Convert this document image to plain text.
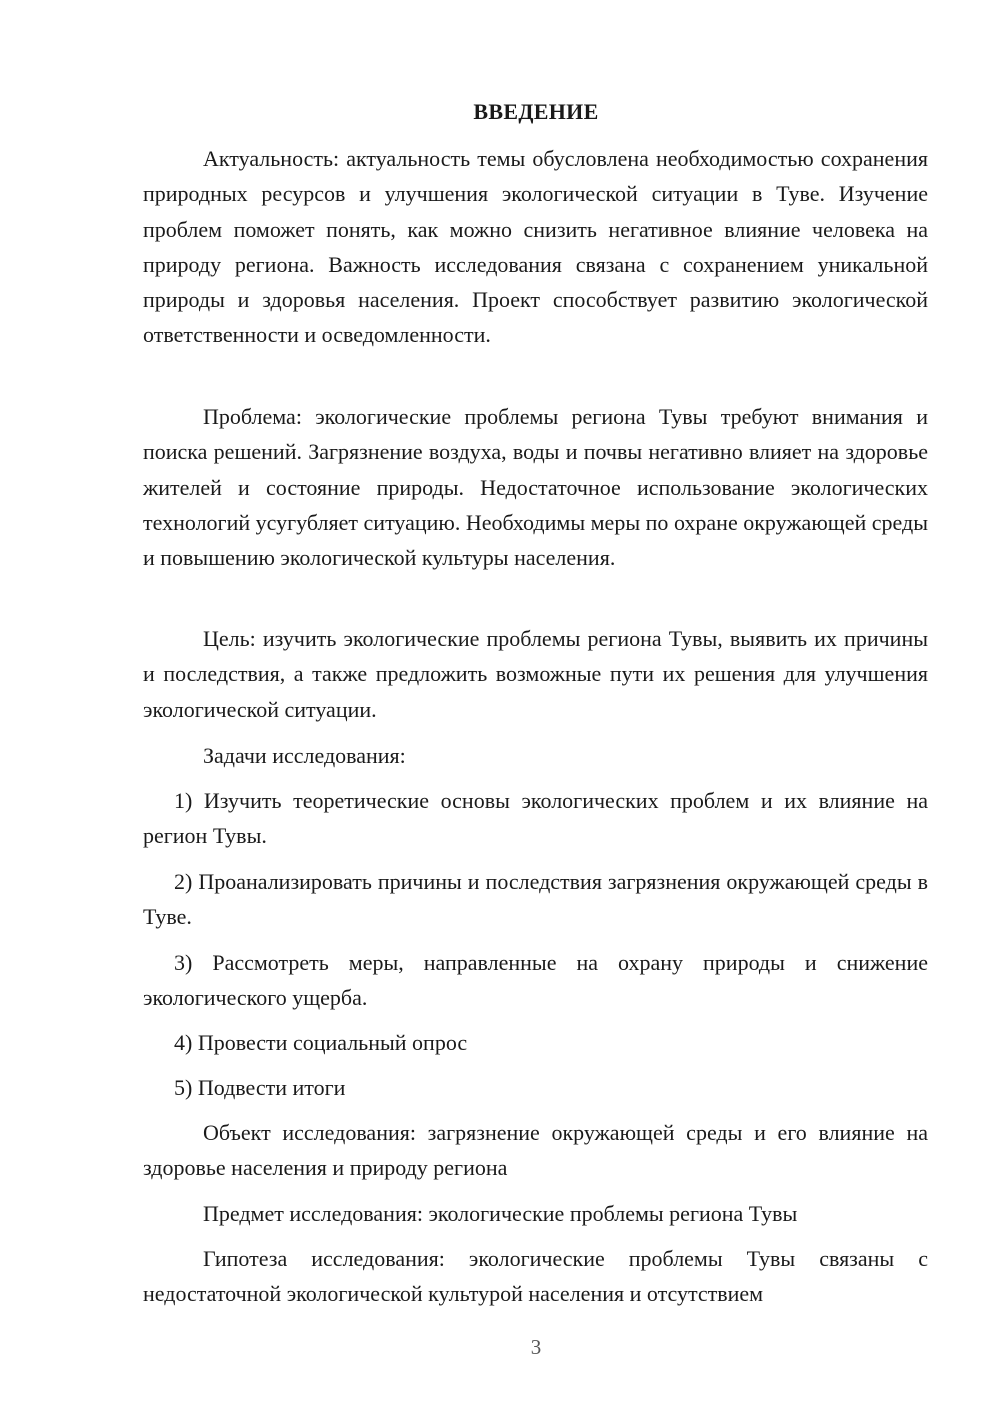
ВВЕДЕНИЕ

Актуальность: актуальность темы обусловлена необходимостью сохранения природных ресурсов и улучшения экологической ситуации в Туве. Изучение проблем поможет понять, как можно снизить негативное влияние человека на природу региона. Важность исследования связана с сохранением уникальной природы и здоровья населения. Проект способствует развитию экологической ответственности и осведомленности.

Проблема: экологические проблемы региона Тувы требуют внимания и поиска решений. Загрязнение воздуха, воды и почвы негативно влияет на здоровье жителей и состояние природы. Недостаточное использование экологических технологий усугубляет ситуацию. Необходимы меры по охране окружающей среды и повышению экологической культуры населения.

Цель: изучить экологические проблемы региона Тувы, выявить их причины и последствия, а также предложить возможные пути их решения для улучшения экологической ситуации.

Задачи исследования:

1) Изучить теоретические основы экологических проблем и их влияние на регион Тувы.

2) Проанализировать причины и последствия загрязнения окружающей среды в Туве.

3) Рассмотреть меры, направленные на охрану природы и снижение экологического ущерба.

4) Провести социальный опрос

5) Подвести итоги

Объект исследования: загрязнение окружающей среды и его влияние на здоровье населения и природу региона

Предмет исследования: экологические проблемы региона Тувы

Гипотеза исследования: экологические проблемы Тувы связаны с недостаточной экологической культурой населения и отсутствием

3
